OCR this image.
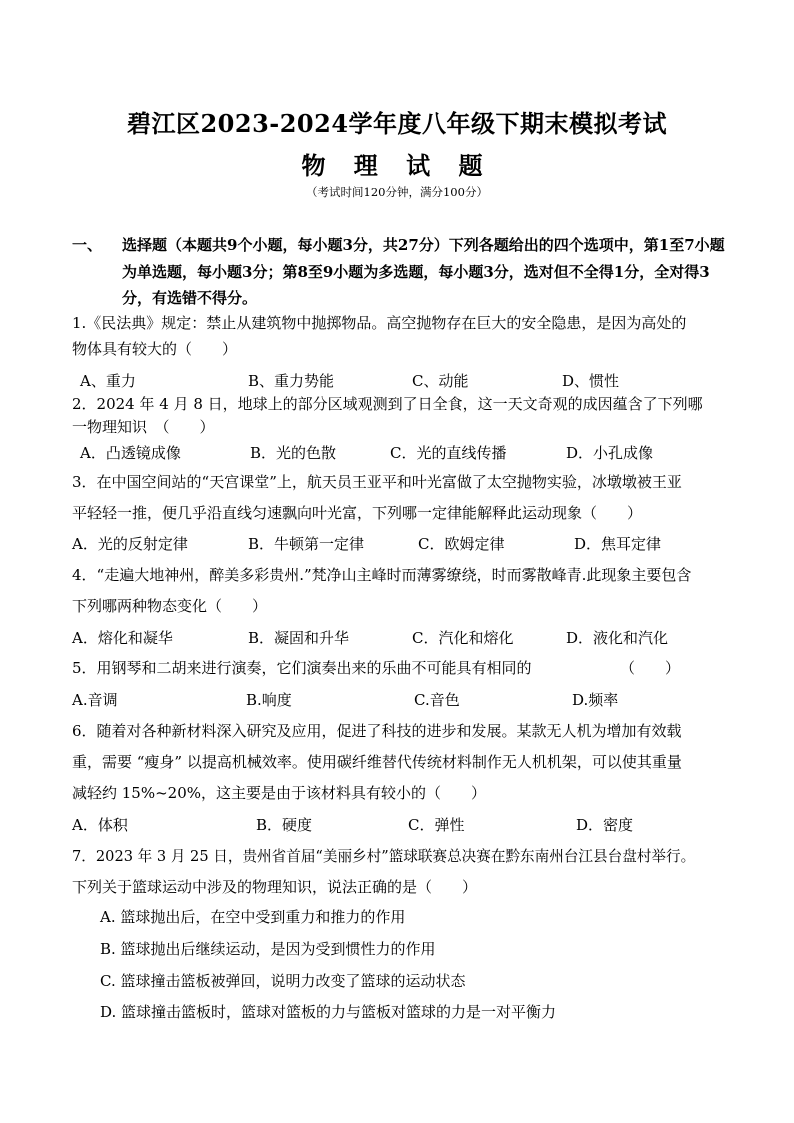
碧江区2023-2024学年度八年级下期末模拟考试
物 理 试 题
（考试时间120分钟，满分100分）
一、 选择题（本题共9个小题，每小题3分，共27分）下列各题给出的四个选项中，第1至7小题为单选题，每小题3分；第8至9小题为多选题，每小题3分，选对但不全得1分，全对得3分，有选错不得分。
1.《民法典》规定：禁止从建筑物中抛掷物品。高空抛物存在巨大的安全隐患，是因为高处的
物体具有较大的（　　）
A、重力	B、重力势能	C、动能	D、惯性
2．2024 年 4 月 8 日，地球上的部分区域观测到了日全食，这一天文奇观的成因蕴含了下列哪
一物理知识　（　　）
A．凸透镜成像	B．光的色散	C．光的直线传播	D．小孔成像
3．在中国空间站的“天宫课堂”上，航天员王亚平和叶光富做了太空抛物实验，冰墩墩被王亚
平轻轻一推，便几乎沿直线匀速飘向叶光富，下列哪一定律能解释此运动现象（　　）
A．光的反射定律	B．牛顿第一定律	C．欧姆定律	D．焦耳定律
4．“走遍大地神州，醉美多彩贵州.”梵净山主峰时而薄雾缭绕，时而雾散峰青.此现象主要包含
下列哪两种物态变化（　　）
A．熔化和凝华	B．凝固和升华	C．汽化和熔化	D．液化和汽化
5．用钢琴和二胡来进行演奏，它们演奏出来的乐曲不可能具有相同的	（　　）
A.音调	B.响度	C.音色	D.频率
6．随着对各种新材料深入研究及应用，促进了科技的进步和发展。某款无人机为增加有效载
重，需要 “瘦身” 以提高机械效率。使用碳纤维替代传统材料制作无人机机架，可以使其重量
减轻约 15%~20%，这主要是由于该材料具有较小的（　　）
A．体积	B．硬度	C．弹性	D．密度
7．2023 年 3 月 25 日，贵州省首届“美丽乡村”篮球联赛总决赛在黔东南州台江县台盘村举行。
下列关于篮球运动中涉及的物理知识，说法正确的是（　　）
A. 篮球抛出后，在空中受到重力和推力的作用
B. 篮球抛出后继续运动，是因为受到惯性力的作用
C. 篮球撞击篮板被弹回，说明力改变了篮球的运动状态
D. 篮球撞击篮板时，篮球对篮板的力与篮板对篮球的力是一对平衡力
